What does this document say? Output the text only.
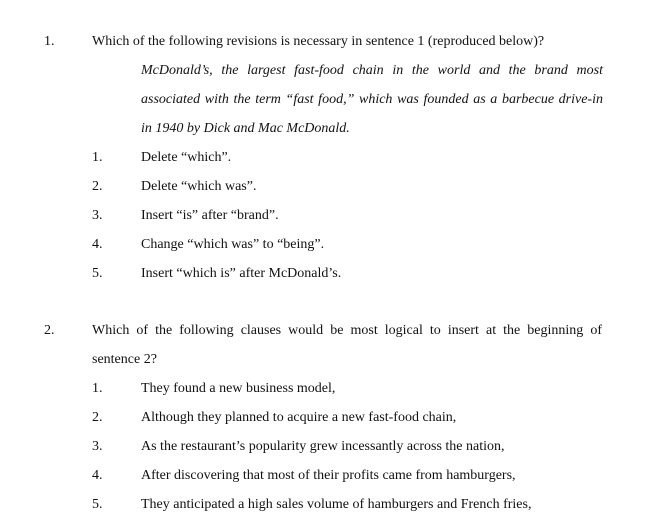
1.	Which of the following revisions is necessary in sentence 1 (reproduced below)?
McDonald’s, the largest fast-food chain in the world and the brand most
associated with the term “fast food,” which was founded as a barbecue drive-in
in 1940 by Dick and Mac McDonald.
1.	Delete “which”.
2.	Delete “which was”.
3.	Insert “is” after “brand”.
4.	Change “which was” to “being”.
5.	Insert “which is” after McDonald’s.
2.	Which of the following clauses would be most logical to insert at the beginning of
sentence 2?
1.	They found a new business model,
2.	Although they planned to acquire a new fast-food chain,
3.	As the restaurant’s popularity grew incessantly across the nation,
4.	After discovering that most of their profits came from hamburgers,
5.	They anticipated a high sales volume of hamburgers and French fries,
